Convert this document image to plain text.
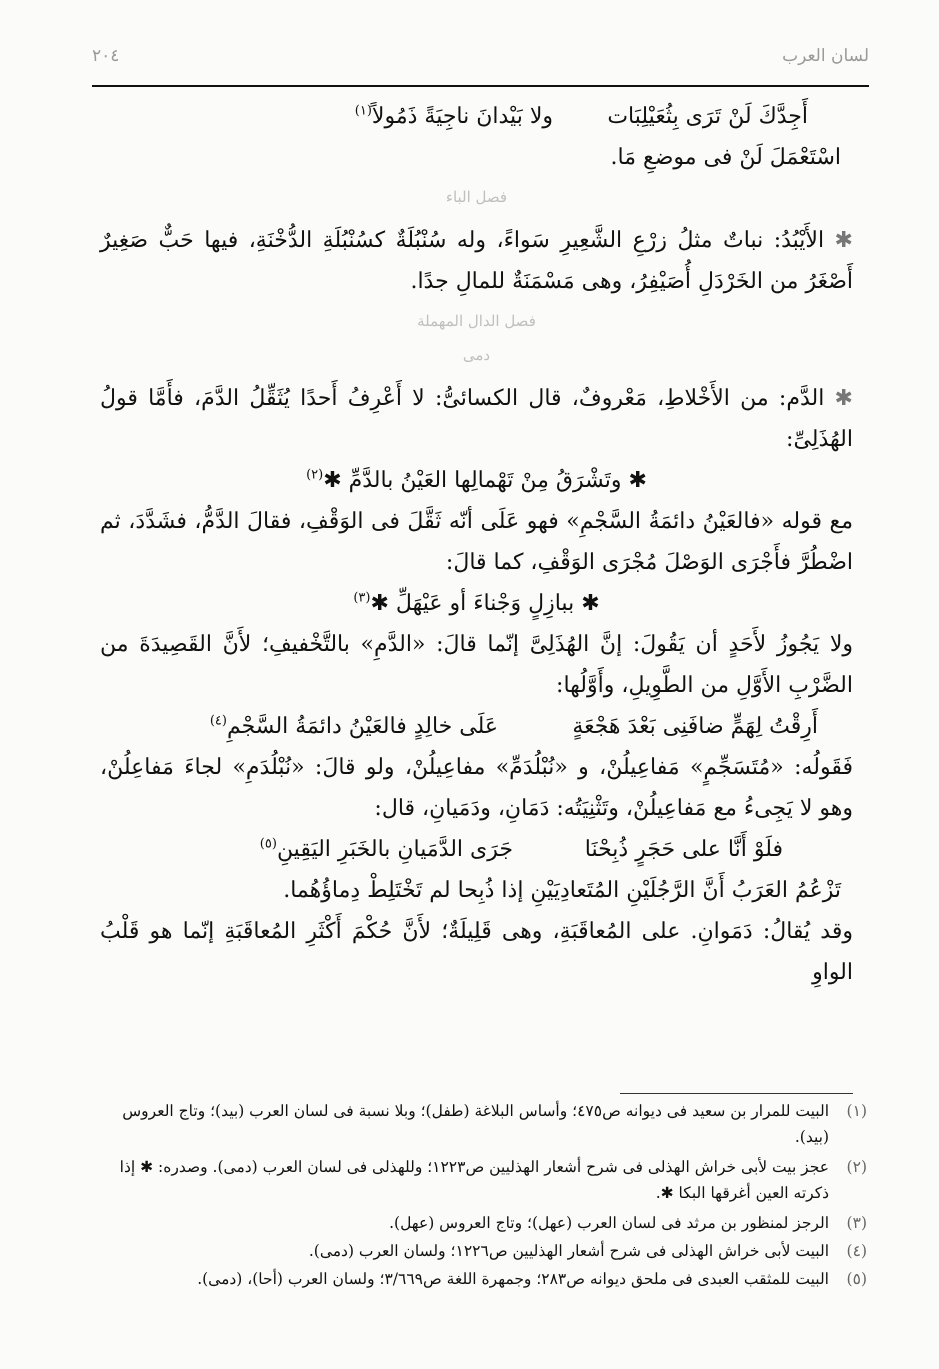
لسان العرب
٢٠٤
أَجِدَّكَ لَنْ تَرَى بِثُعَيْلِبَات
ولا بَيْدانَ ناجِيَةً ذَمُولاً$^{(١)}$

اسْتَعْمَلَ لَنْ فى موضعِ مَا.

فصل الباء

✱ الأَيْبُدُ: نباتٌ مثلُ زرْعِ الشَّعِيرِ سَواءً، وله سُنْبُلَةٌ كسُنْبُلَةِ الدُّخْنَةِ، فيها حَبٌّ صَغِيرٌ أَصْغَرُ من الخَرْدَلِ أُصَيْفِرُ، وهى مَسْمَنَةٌ للمالِ جدًا.

فصل الدال المهملة
دمى

✱ الدَّم: من الأَخْلاطِ، مَعْروفٌ، قال الكسائىُّ: لا أَعْرِفُ أَحدًا يُثَقِّلُ الدَّمَ، فأَمَّا قولُ الهُذَلِىِّ:

✱ وتَشْرَقُ مِنْ تَهْمالِها العَيْنُ بالدَّمِّ ✱$^{(٢)}$

مع قوله «فالعَيْنُ دائمَةُ السَّجْمِ» فهو عَلَى أنّه ثَقَّلَ فى الوَقْفِ، فقالَ الدَّمُّ، فشَدَّدَ، ثم اضْطُرَّ فأَجْرَى الوَصْلَ مُجْرَى الوَقْفِ، كما قالَ:

✱ ببازِلٍ وَجْناءَ أو عَيْهَلِّ ✱$^{(٣)}$

ولا يَجُوزُ لأَحَدٍ أن يَقُولَ: إنَّ الهُذَلِىَّ إنّما قالَ: «الدَّمِ» بالتَّخْفيفِ؛ لأَنَّ القَصِيدَةَ من الضَّرْبِ الأَوَّلِ من الطَّوِيلِ، وأَوَّلُها:

أَرِقْتُ لِهَمٍّ ضافَنِى بَعْدَ هَجْعَةٍ
عَلَى خالِدٍ فالعَيْنُ دائمَةُ السَّجْمِ$^{(٤)}$

فَقَولُه: «مُتَسَجِّمٍ» مَفاعِيلُنْ، و «نُبْلُدَمِّ» مفاعِيلُنْ، ولو قالَ: «نُبْلُدَمِ» لجاءَ مَفاعِلُنْ، وهو لا يَجِىءُ مع مَفاعِيلُنْ، وتَثْنِيَتُه: دَمَانِ، ودَمَيانِ، قال:

فلَوْ أَنَّا على حَجَرٍ ذُبِحْنَا
جَرَى الدَّمَيانِ بالخَبَرِ اليَقِينِ$^{(٥)}$

تَزْعُمُ العَرَبُ أَنَّ الرَّجُلَيْنِ المُتَعادِيَيْنِ إذا ذُبِحا لم تَخْتَلِطْ دِماؤُهُما.

وقد يُقالُ: دَمَوانِ. على المُعاقَبَةِ، وهى قَلِيلَةٌ؛ لأَنَّ حُكْمَ أَكْثَرِ المُعاقَبَةِ إنّما هو قَلْبُ الواوِ

(١)
البيت للمرار بن سعيد فى ديوانه ص٤٧٥؛ وأساس البلاغة (طفل)؛ وبلا نسبة فى لسان العرب (بيد)؛ وتاج العروس (بيد).
(٢)
عجز بيت لأبى خراش الهذلى فى شرح أشعار الهذليين ص١٢٢٣؛ وللهذلى فى لسان العرب (دمى). وصدره: ✱ إذا ذكرته العين أغرقها البكا ✱.
(٣)
الرجز لمنظور بن مرثد فى لسان العرب (عهل)؛ وتاج العروس (عهل).
(٤)
البيت لأبى خراش الهذلى فى شرح أشعار الهذليين ص١٢٢٦؛ ولسان العرب (دمى).
(٥)
البيت للمثقب العبدى فى ملحق ديوانه ص٢٨٣؛ وجمهرة اللغة ص٣/٦٦٩؛ ولسان العرب (أحا)، (دمى).
